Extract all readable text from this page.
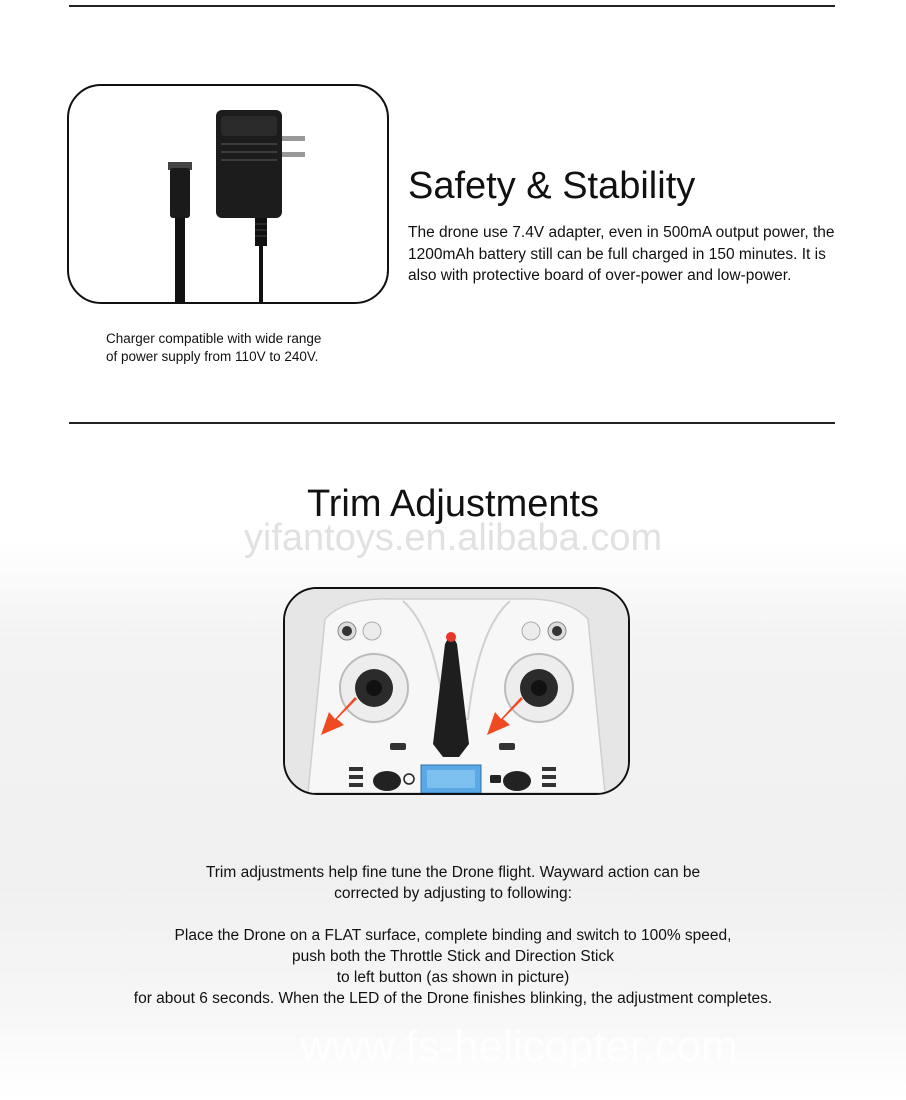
Safety & Stability
The drone use 7.4V adapter, even in 500mA output power, the 1200mAh battery still can be full charged in 150 minutes. It is also with protective board of over-power and low-power.
Charger compatible with wide range
of power supply from 110V to 240V.
Trim Adjustments
yifantoys.en.alibaba.com
Trim adjustments help fine tune the Drone flight. Wayward action can be
corrected by adjusting to following:
Place the Drone on a FLAT surface, complete binding and switch to 100% speed,
push both the Throttle Stick and Direction Stick
to left button (as shown in picture)
for about 6 seconds. When the LED of the Drone finishes blinking, the adjustment completes.
www.fs-helicopter.com
